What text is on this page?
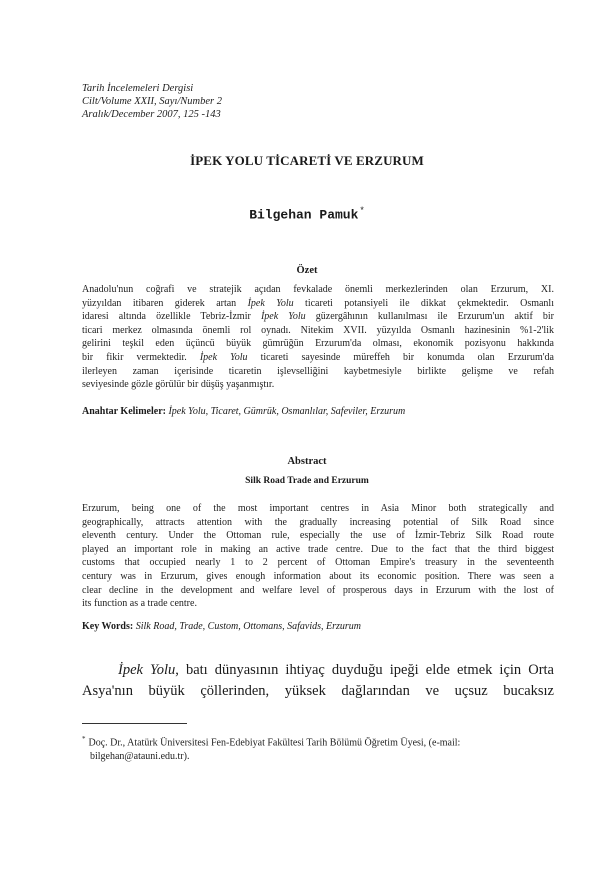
Tarih İncelemeleri Dergisi
Cilt/Volume XXII, Sayı/Number 2
Aralık/December 2007, 125 -143
İPEK YOLU TİCARETİ VE ERZURUM
Bilgehan Pamuk*
Özet
Anadolu'nun coğrafi ve stratejik açıdan fevkalade önemli merkezlerinden olan Erzurum, XI.
yüzyıldan itibaren giderek artan İpek Yolu ticareti potansiyeli ile dikkat çekmektedir. Osmanlı
idaresi altında özellikle Tebriz-İzmir İpek Yolu güzergâhının kullanılması ile Erzurum'un aktif bir
ticari merkez olmasında önemli rol oynadı. Nitekim XVII. yüzyılda Osmanlı hazinesinin %1-2'lik
gelirini teşkil eden üçüncü büyük gümrüğün Erzurum'da olması, ekonomik pozisyonu hakkında
bir fikir vermektedir. İpek Yolu ticareti sayesinde müreffeh bir konumda olan Erzurum'da
ilerleyen zaman içerisinde ticaretin işlevselliğini kaybetmesiyle birlikte gelişme ve refah
seviyesinde gözle görülür bir düşüş yaşanmıştır.
Anahtar Kelimeler: İpek Yolu, Ticaret, Gümrük, Osmanlılar, Safeviler, Erzurum
Abstract
Silk Road Trade and Erzurum
Erzurum, being one of the most important centres in Asia Minor both strategically and
geographically, attracts attention with the gradually increasing potential of Silk Road since
eleventh century. Under the Ottoman rule, especially the use of İzmir-Tebriz Silk Road route
played an important role in making an active trade centre. Due to the fact that the third biggest
customs that occupied nearly 1 to 2 percent of Ottoman Empire's treasury in the seventeenth
century was in Erzurum, gives enough information about its economic position. There was seen a
clear decline in the development and welfare level of prosperous days in Erzurum with the lost of
its function as a trade centre.
Key Words: Silk Road, Trade, Custom, Ottomans, Safavids, Erzurum
İpek Yolu, batı dünyasının ihtiyaç duyduğu ipeği elde etmek için Orta
Asya'nın büyük çöllerinden, yüksek dağlarından ve uçsuz bucaksız
* Doç. Dr., Atatürk Üniversitesi Fen-Edebiyat Fakültesi Tarih Bölümü Öğretim Üyesi, (e-mail:
bilgehan@atauni.edu.tr).
